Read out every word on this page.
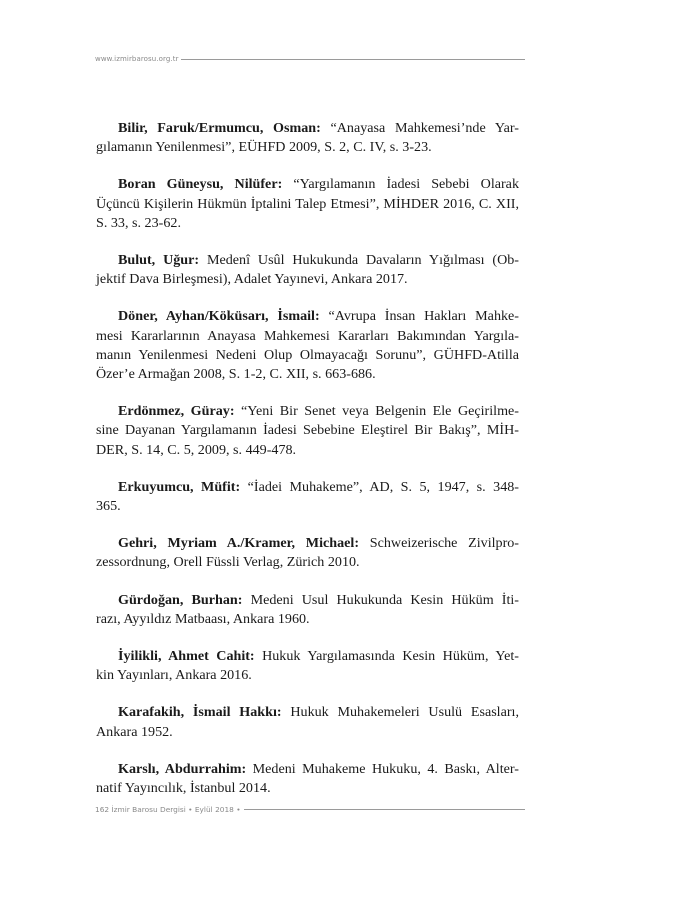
www.izmirbarosu.org.tr

Bilir, Faruk/Ermumcu, Osman: “Anayasa Mahkemesi’nde Yar-
gılamanın Yenilenmesi”, EÜHFD 2009, S. 2, C. IV, s. 3-23.

Boran Güneysu, Nilüfer: “Yargılamanın İadesi Sebebi Olarak
Üçüncü Kişilerin Hükmün İptalini Talep Etmesi”, MİHDER 2016, C. XII, S. 33, s. 23-62.

Bulut, Uğur: Medenî Usûl Hukukunda Davaların Yığılması (Ob-
jektif Dava Birleşmesi), Adalet Yayınevi, Ankara 2017.

Döner, Ayhan/Köküsarı, İsmail: “Avrupa İnsan Hakları Mahke-
mesi Kararlarının Anayasa Mahkemesi Kararları Bakımından Yargıla-manın Yenilenmesi Nedeni Olup Olmayacağı Sorunu”, GÜHFD-Atilla Özer’e Armağan 2008, S. 1-2, C. XII, s. 663-686.

Erdönmez, Güray: “Yeni Bir Senet veya Belgenin Ele Geçirilme-
sine Dayanan Yargılamanın İadesi Sebebine Eleştirel Bir Bakış”, MİH-DER, S. 14, C. 5, 2009, s. 449-478.

Erkuyumcu, Müfit: “İadei Muhakeme”, AD, S. 5, 1947, s. 348-
365.

Gehri, Myriam A./Kramer, Michael: Schweizerische Zivilpro-
zessordnung, Orell Füssli Verlag, Zürich 2010.

Gürdoğan, Burhan: Medeni Usul Hukukunda Kesin Hüküm İti-
razı, Ayyıldız Matbaası, Ankara 1960.

İyilikli, Ahmet Cahit: Hukuk Yargılamasında Kesin Hüküm, Yet-
kin Yayınları, Ankara 2016.

Karafakih, İsmail Hakkı: Hukuk Muhakemeleri Usulü Esasları,
Ankara 1952.

Karslı, Abdurrahim: Medeni Muhakeme Hukuku, 4. Baskı, Alter-
natif Yayıncılık, İstanbul 2014.

162 İzmir Barosu Dergisi • Eylül 2018 •
